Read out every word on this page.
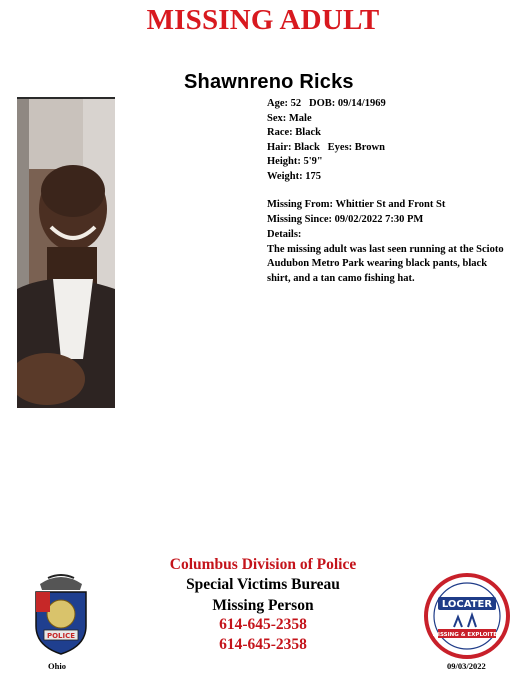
MISSING ADULT
Shawnreno Ricks
Age: 52   DOB: 09/14/1969
Sex: Male
Race: Black
Hair: Black   Eyes: Brown
Height: 5'9"
Weight: 175
Missing From: Whittier St and Front St
Missing Since: 09/02/2022 7:30 PM
Details:
The missing adult was last seen running at the Scioto Audubon Metro Park wearing black pants, black shirt, and a tan camo fishing hat.
Columbus Division of Police
Special Victims Bureau
Missing Person
614-645-2358
614-645-2358
POLICE
Ohio
LOCATER
MISSING & EXPLOITED
09/03/2022
